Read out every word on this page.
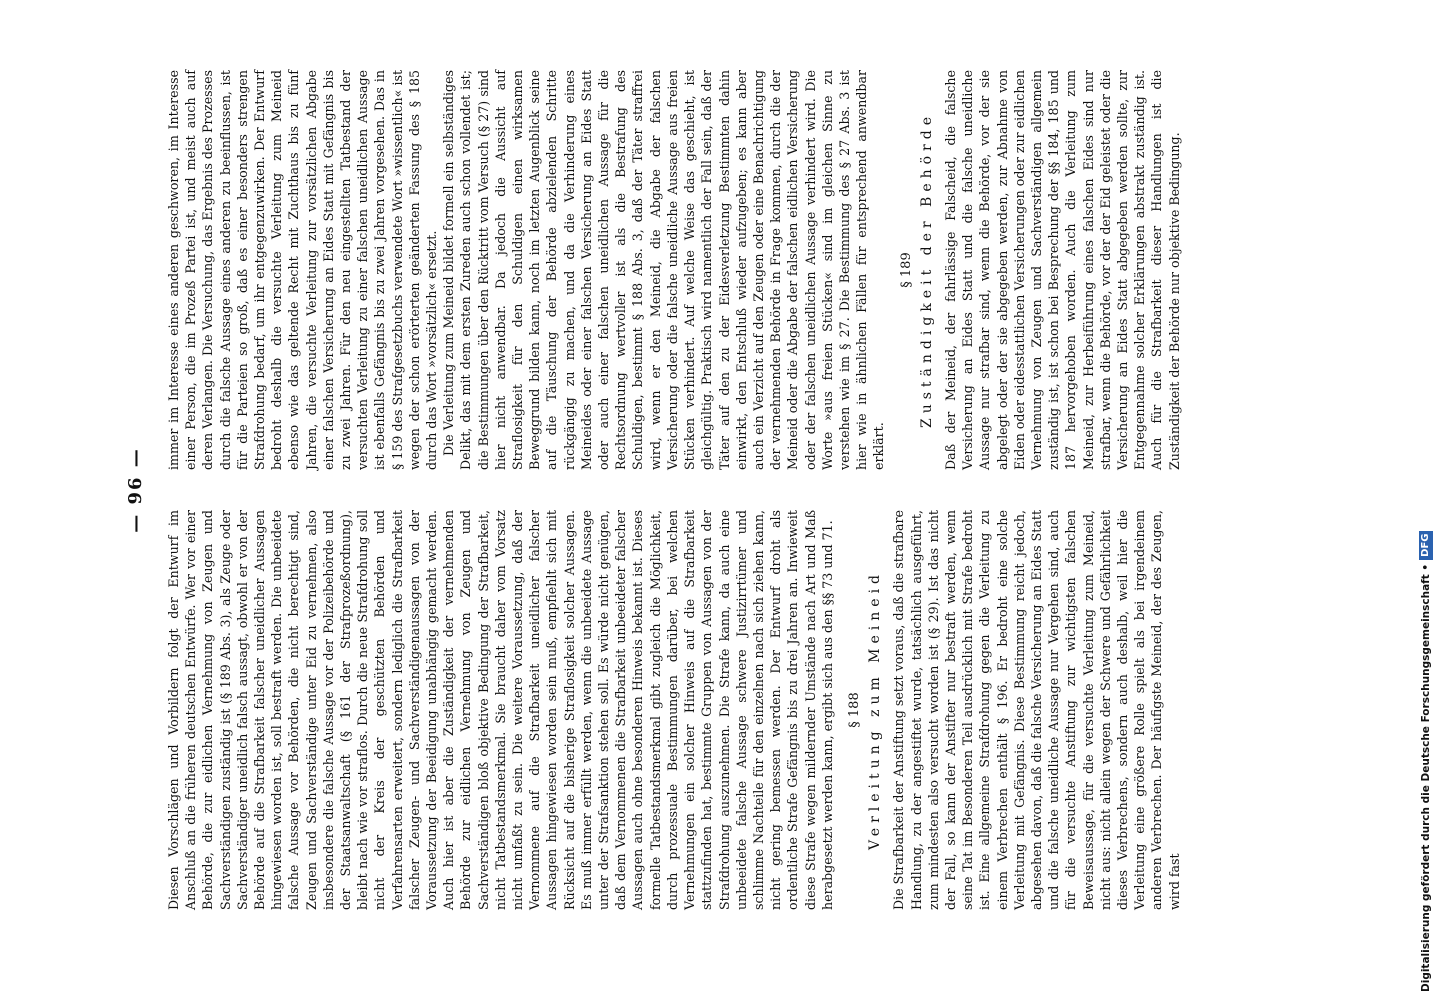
— 96 —

Diesen Vorschlägen und Vorbildern folgt der Entwurf im Anschluß an die früheren deutschen Entwürfe. Wer vor einer Behörde, die zur eidlichen Vernehmung von Zeugen und Sachverständigen zuständig ist (§ 189 Abs. 3), als Zeuge oder Sachverständiger uneidlich falsch aussagt, obwohl er von der Behörde auf die Strafbarkeit falscher uneidlicher Aussagen hingewiesen worden ist, soll bestraft werden. Die unbeeidete falsche Aussage vor Behörden, die nicht berechtigt sind, Zeugen und Sachverständige unter Eid zu vernehmen, also insbesondere die falsche Aussage vor der Polizeibehörde und der Staatsanwaltschaft (§ 161 der Strafprozeßordnung), bleibt nach wie vor straflos. Durch die neue Strafdrohung soll nicht der Kreis der geschützten Behörden und Verfahrensarten erweitert, sondern lediglich die Strafbarkeit falscher Zeugen- und Sachverständigenaussagen von der Voraussetzung der Beeidigung unabhängig gemacht werden. Auch hier ist aber die Zuständigkeit der vernehmenden Behörde zur eidlichen Vernehmung von Zeugen und Sachverständigen bloß objektive Bedingung der Strafbarkeit, nicht Tatbestandsmerkmal. Sie braucht daher vom Vorsatz nicht umfaßt zu sein. Die weitere Voraussetzung, daß der Vernommene auf die Strafbarkeit uneidlicher falscher Aussagen hingewiesen worden sein muß, empfiehlt sich mit Rücksicht auf die bisherige Straflosigkeit solcher Aussagen. Es muß immer erfüllt werden, wenn die unbeeidete Aussage unter der Strafsanktion stehen soll. Es würde nicht genügen, daß dem Vernommenen die Strafbarkeit unbeeideter falscher Aussagen auch ohne besonderen Hinweis bekannt ist. Dieses formelle Tatbestandsmerkmal gibt zugleich die Möglichkeit, durch prozessuale Bestimmungen darüber, bei welchen Vernehmungen ein solcher Hinweis auf die Strafbarkeit stattzufinden hat, bestimmte Gruppen von Aussagen von der Strafdrohung auszunehmen. Die Strafe kann, da auch eine unbeeidete falsche Aussage schwere Justizirrtümer und schlimme Nachteile für den einzelnen nach sich ziehen kann, nicht gering bemessen werden. Der Entwurf droht als ordentliche Strafe Gefängnis bis zu drei Jahren an. Inwieweit diese Strafe wegen mildernder Umstände nach Art und Maß herabgesetzt werden kann, ergibt sich aus den §§ 73 und 71. § 188 Verleitung zum Meineid Die Strafbarkeit der Anstiftung setzt voraus, daß die strafbare Handlung, zu der angestiftet wurde, tatsächlich ausgeführt, zum mindesten also versucht worden ist (§ 29). Ist das nicht der Fall, so kann der Anstifter nur bestraft werden, wenn seine Tat im Besonderen Teil ausdrücklich mit Strafe bedroht ist. Eine allgemeine Strafdrohung gegen die Verleitung zu einem Verbrechen enthält § 196. Er bedroht eine solche Verleitung mit Gefängnis. Diese Bestimmung reicht jedoch, abgesehen davon, daß die falsche Versicherung an Eides Statt und die falsche uneidliche Aussage nur Vergehen sind, auch für die versuchte Anstiftung zur wichtigsten falschen Beweisaussage, für die versuchte Verleitung zum Meineid, nicht aus: nicht allein wegen der Schwere und Gefährlichkeit dieses Verbrechens, sondern auch deshalb, weil hier die Verleitung eine größere Rolle spielt als bei irgendeinem anderen Verbrechen. Der häufigste Meineid, der des Zeugen, wird fast

immer im Interesse eines anderen geschworen, im Interesse einer Person, die im Prozeß Partei ist, und meist auch auf deren Verlangen. Die Versuchung, das Ergebnis des Prozesses durch die falsche Aussage eines anderen zu beeinflussen, ist für die Parteien so groß, daß es einer besonders strengen Strafdrohung bedarf, um ihr entgegenzuwirken. Der Entwurf bedroht deshalb die versuchte Verleitung zum Meineid ebenso wie das geltende Recht mit Zuchthaus bis zu fünf Jahren, die versuchte Verleitung zur vorsätzlichen Abgabe einer falschen Versicherung an Eides Statt mit Gefängnis bis zu zwei Jahren. Für den neu eingestellten Tatbestand der versuchten Verleitung zu einer falschen uneidlichen Aussage ist ebenfalls Gefängnis bis zu zwei Jahren vorgesehen. Das in § 159 des Strafgesetzbuchs verwendete Wort »wissentlich« ist wegen der schon erörterten geänderten Fassung des § 185 durch das Wort »vorsätzlich« ersetzt. Die Verleitung zum Meineid bildet formell ein selbständiges Delikt, das mit dem ersten Zureden auch schon vollendet ist; die Bestimmungen über den Rücktritt vom Versuch (§ 27) sind hier nicht anwendbar. Da jedoch die Aussicht auf Straflosigkeit für den Schuldigen einen wirksamen Beweggrund bilden kann, noch im letzten Augenblick seine auf die Täuschung der Behörde abzielenden Schritte rückgängig zu machen, und da die Verhinderung eines Meineides oder einer falschen Versicherung an Eides Statt oder auch einer falschen uneidlichen Aussage für die Rechtsordnung wertvoller ist als die Bestrafung des Schuldigen, bestimmt § 188 Abs. 3, daß der Täter straffrei wird, wenn er den Meineid, die Abgabe der falschen Versicherung oder die falsche uneidliche Aussage aus freien Stücken verhindert. Auf welche Weise das geschieht, ist gleichgültig. Praktisch wird namentlich der Fall sein, daß der Täter auf den zu der Eidesverletzung Bestimmten dahin einwirkt, den Entschluß wieder aufzugeben; es kann aber auch ein Verzicht auf den Zeugen oder eine Benachrichtigung der vernehmenden Behörde in Frage kommen, durch die der Meineid oder die Abgabe der falschen eidlichen Versicherung oder der falschen uneidlichen Aussage verhindert wird. Die Worte »aus freien Stücken« sind im gleichen Sinne zu verstehen wie im § 27. Die Bestimmung des § 27 Abs. 3 ist hier wie in ähnlichen Fällen für entsprechend anwendbar erklärt.

§ 189 Zuständigkeit der Behörde Daß der Meineid, der fahrlässige Falscheid, die falsche Versicherung an Eides Statt und die falsche uneidliche Aussage nur strafbar sind, wenn die Behörde, vor der sie abgelegt oder der sie abgegeben werden, zur Abnahme von Eiden oder eidesstattlichen Versicherungen oder zur eidlichen Vernehmung von Zeugen und Sachverständigen allgemein zuständig ist, ist schon bei Besprechung der §§ 184, 185 und 187 hervorgehoben worden. Auch die Verleitung zum Meineid, zur Herbeiführung eines falschen Eides sind nur strafbar, wenn die Behörde, vor der der Eid geleistet oder die Versicherung an Eides Statt abgegeben werden sollte, zur Entgegennahme solcher Erklärungen abstrakt zuständig ist. Auch für die Strafbarkeit dieser Handlungen ist die Zuständigkeit der Behörde nur objektive Bedingung.

Digitalisierung gefördert durch die Deutsche Forschungsgemeinschaft •
DFG
